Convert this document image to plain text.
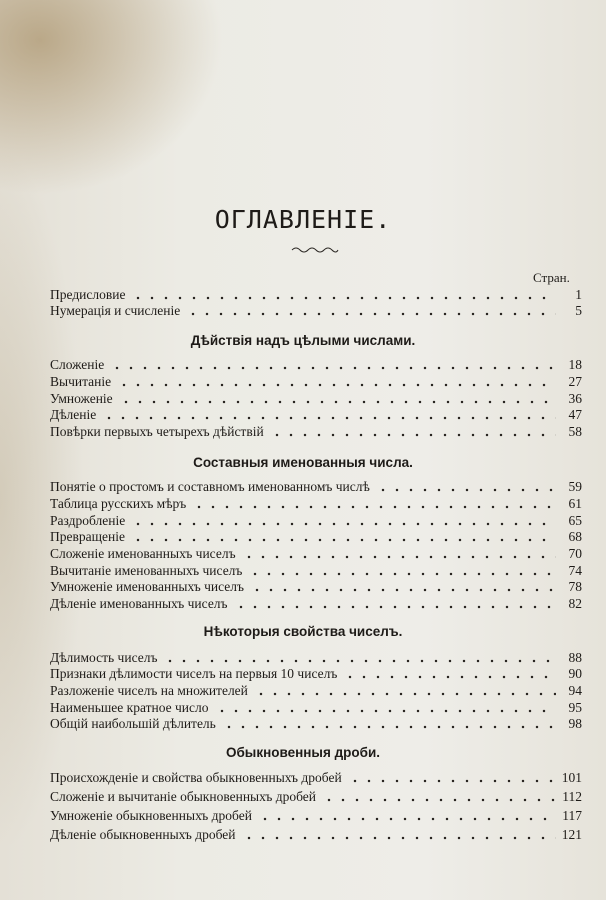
ОГЛАВЛЕНIЕ.
Стран.
Предисловие	1
Нумерація и счисленіе	5
Дѣйствія надъ цѣлыми числами.
Сложеніе	18
Вычитаніе	27
Умноженіе	36
Дѣленіе	47
Повѣрки первыхъ четырехъ дѣйствій	58
Составныя именованныя числа.
Понятіе о простомъ и составномъ именованномъ числѣ	59
Таблица русскихъ мѣръ	61
Раздробленіе	65
Превращеніе	68
Сложеніе именованныхъ чиселъ	70
Вычитаніе именованныхъ чиселъ	74
Умноженіе именованныхъ чиселъ	78
Дѣленіе именованныхъ чиселъ	82
Нѣкоторыя свойства чиселъ.
Дѣлимость чиселъ	88
Признаки дѣлимости чиселъ на первыя 10 чиселъ	90
Разложеніе чиселъ на множителей	94
Наименьшее кратное число	95
Общій наибольшій дѣлитель	98
Обыкновенныя дроби.
Происхожденіе и свойства обыкновенныхъ дробей	101
Сложеніе и вычитаніе обыкновенныхъ дробей	112
Умноженіе обыкновенныхъ дробей	117
Дѣленіе обыкновенныхъ дробей	121
